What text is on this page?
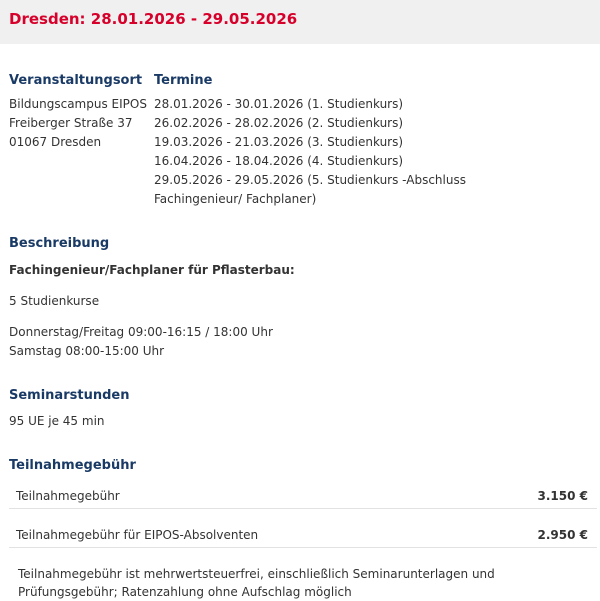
Dresden: 28.01.2026 - 29.05.2026
Veranstaltungsort
Bildungscampus EIPOS
Freiberger Straße 37
01067 Dresden
Termine
28.01.2026 - 30.01.2026 (1. Studienkurs)
26.02.2026 - 28.02.2026 (2. Studienkurs)
19.03.2026 - 21.03.2026 (3. Studienkurs)
16.04.2026 - 18.04.2026 (4. Studienkurs)
29.05.2026 - 29.05.2026 (5. Studienkurs -Abschluss Fachingenieur/ Fachplaner)
Beschreibung
Fachingenieur/Fachplaner für Pflasterbau:
5 Studienkurse
Donnerstag/Freitag 09:00-16:15 / 18:00 Uhr
Samstag 08:00-15:00 Uhr
Seminarstunden
95 UE je 45 min
Teilnahmegebühr
Teilnahmegebühr	3.150 €
Teilnahmegebühr für EIPOS-Absolventen	2.950 €
Teilnahmegebühr ist mehrwertsteuerfrei, einschließlich Seminarunterlagen und Prüfungsgebühr; Ratenzahlung ohne Aufschlag möglich
